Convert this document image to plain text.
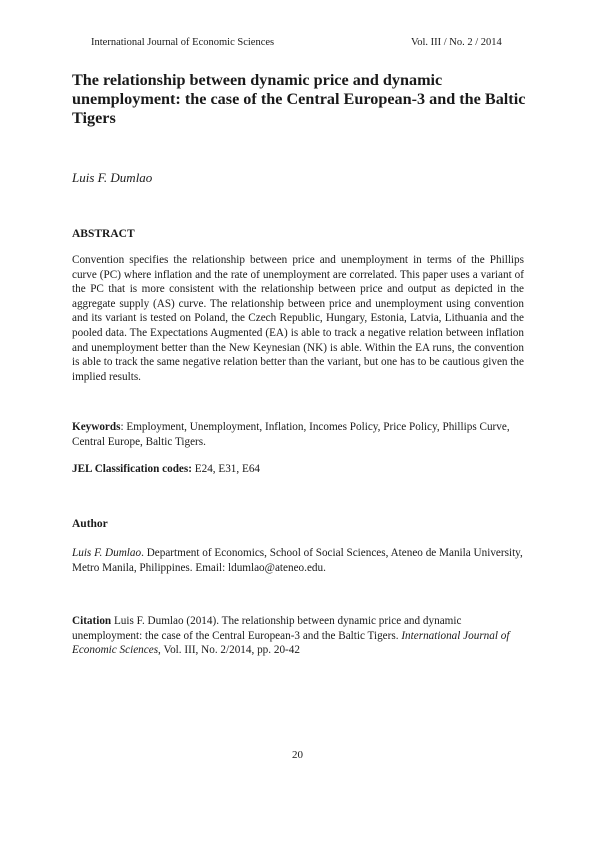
International Journal of Economic Sciences	Vol. III / No. 2 / 2014
The relationship between dynamic price and dynamic unemployment: the case of the Central European-3 and the Baltic Tigers
Luis F. Dumlao
ABSTRACT
Convention specifies the relationship between price and unemployment in terms of the Phillips curve (PC) where inflation and the rate of unemployment are correlated. This paper uses a variant of the PC that is more consistent with the relationship between price and output as depicted in the aggregate supply (AS) curve. The relationship between price and unemployment using convention and its variant is tested on Poland, the Czech Republic, Hungary, Estonia, Latvia, Lithuania and the pooled data. The Expectations Augmented (EA) is able to track a negative relation between inflation and unemployment better than the New Keynesian (NK) is able. Within the EA runs, the convention is able to track the same negative relation better than the variant, but one has to be cautious given the implied results.
Keywords: Employment, Unemployment, Inflation, Incomes Policy, Price Policy, Phillips Curve, Central Europe, Baltic Tigers.
JEL Classification codes: E24, E31, E64
Author
Luis F. Dumlao. Department of Economics, School of Social Sciences, Ateneo de Manila University, Metro Manila, Philippines. Email: ldumlao@ateneo.edu.
Citation Luis F. Dumlao (2014). The relationship between dynamic price and dynamic unemployment: the case of the Central European-3 and the Baltic Tigers. International Journal of Economic Sciences, Vol. III, No. 2/2014, pp. 20-42
20
